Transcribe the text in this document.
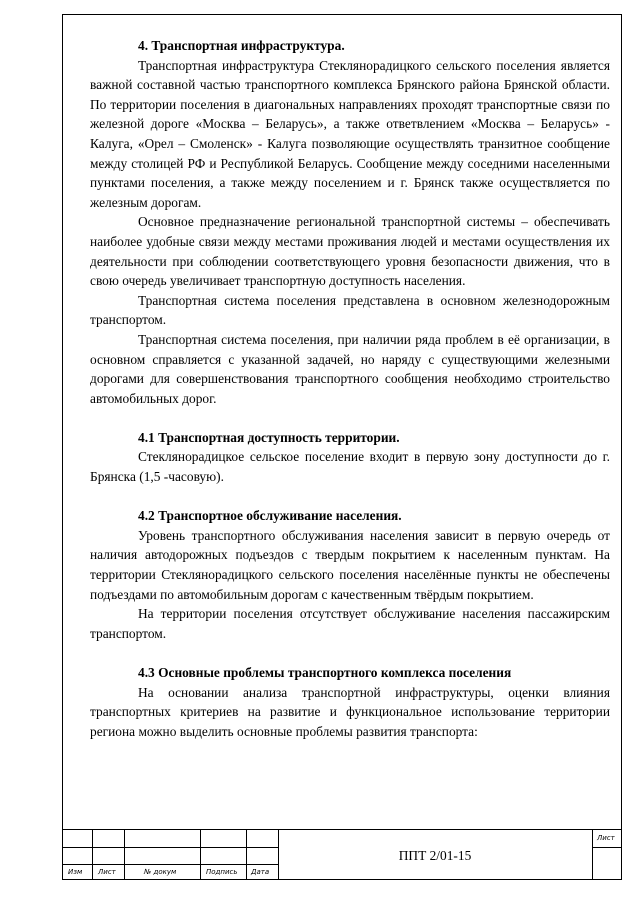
4. Транспортная инфраструктура.

Транспортная инфраструктура Стеклянорадицкого сельского поселения является важной составной частью транспортного комплекса Брянского района Брянской области. По территории поселения в диагональных направлениях проходят транспортные связи по железной дороге «Москва – Беларусь», а также ответвлением «Москва – Беларусь» - Калуга, «Орел – Смоленск» - Калуга позволяющие осуществлять транзитное сообщение между столицей РФ и Республикой Беларусь. Сообщение между соседними населенными пунктами поселения, а также между поселением и г. Брянск также осуществляется по железным дорогам.

Основное предназначение региональной транспортной системы – обеспечивать наиболее удобные связи между местами проживания людей и местами осуществления их деятельности при соблюдении соответствующего уровня безопасности движения, что в свою очередь увеличивает транспортную доступность населения.

Транспортная система поселения представлена в основном железнодорожным транспортом.

Транспортная система поселения, при наличии ряда проблем в её организации, в основном справляется с указанной задачей, но наряду с существующими железными дорогами для совершенствования транспортного сообщения необходимо строительство автомобильных дорог.

4.1 Транспортная доступность территории.

Стеклянорадицкое сельское поселение входит в первую зону доступности до г. Брянска (1,5 -часовую).

4.2 Транспортное обслуживание населения.

Уровень транспортного обслуживания населения зависит в первую очередь от наличия автодорожных подъездов с твердым покрытием к населенным пунктам. На территории Стеклянорадицкого сельского поселения населённые пункты не обеспечены подъездами по автомобильным дорогам с качественным твёрдым покрытием.

На территории поселения отсутствует обслуживание населения пассажирским транспортом.

4.3 Основные проблемы транспортного комплекса поселения

На основании анализа транспортной инфраструктуры, оценки влияния транспортных критериев на развитие и функциональное использование территории региона можно выделить основные проблемы развития транспорта:

Изм Лист	№ докум	Подпись Дата
Лист
ППТ 2/01-15
